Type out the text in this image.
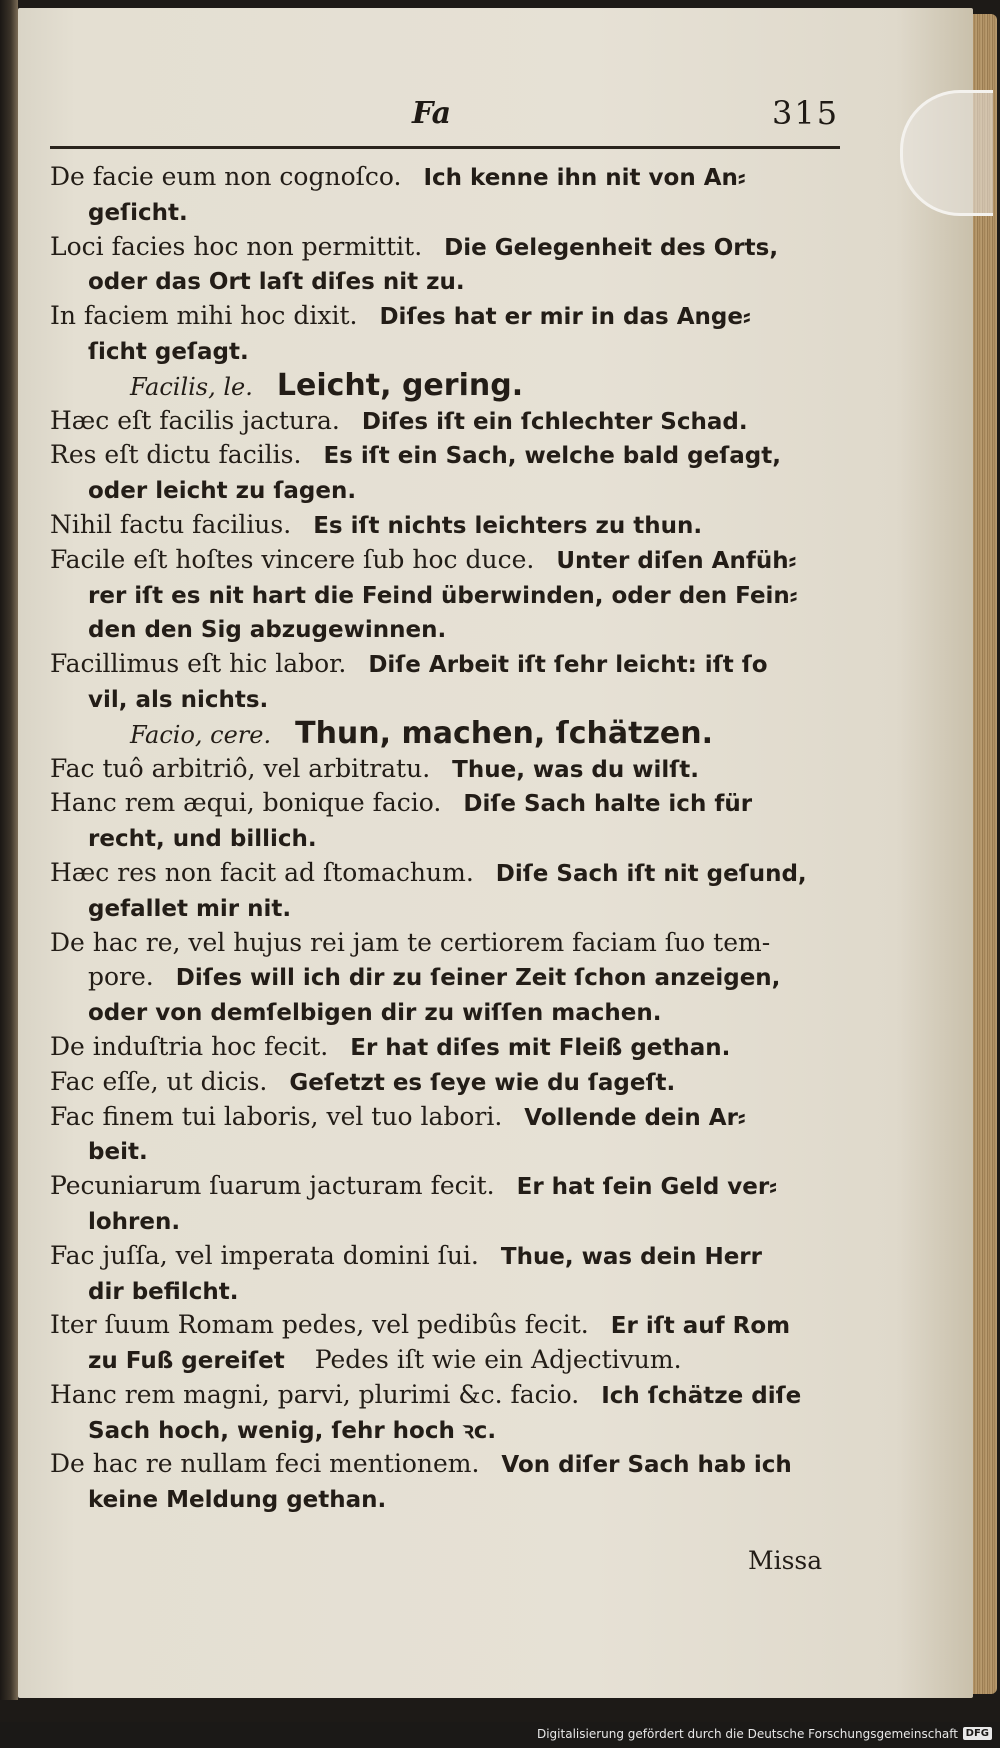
Fa	315
De facie eum non cognoſco. Ich kenne ihn nit von An⸗
geſicht.
Loci facies hoc non permittit. Die Gelegenheit des Orts,
oder das Ort laſt diſes nit zu.
In faciem mihi hoc dixit. Diſes hat er mir in das Ange⸗
ſicht geſagt.
Facilis, le. Leicht, gering.
Hæc eſt facilis jactura. Diſes iſt ein ſchlechter Schad.
Res eſt dictu facilis. Es iſt ein Sach, welche bald geſagt,
oder leicht zu ſagen.
Nihil factu facilius. Es iſt nichts leichters zu thun.
Facile eſt hoſtes vincere ſub hoc duce. Unter diſen Anfüh⸗
rer iſt es nit hart die Feind überwinden, oder den Fein⸗
den den Sig abzugewinnen.
Facillimus eſt hic labor. Diſe Arbeit iſt ſehr leicht: iſt ſo
vil, als nichts.
Facio, cere. Thun, machen, ſchätzen.
Fac tuô arbitriô, vel arbitratu. Thue, was du wilſt.
Hanc rem æqui, bonique facio. Diſe Sach halte ich für
recht, und billich.
Hæc res non facit ad ſtomachum. Diſe Sach iſt nit geſund,
gefallet mir nit.
De hac re, vel hujus rei jam te certiorem faciam ſuo tem-
pore. Diſes will ich dir zu ſeiner Zeit ſchon anzeigen,
oder von demſelbigen dir zu wiſſen machen.
De induſtria hoc fecit. Er hat diſes mit Fleiß gethan.
Fac eſſe, ut dicis. Geſetzt es ſeye wie du ſageſt.
Fac finem tui laboris, vel tuo labori. Vollende dein Ar⸗
beit.
Pecuniarum ſuarum jacturam fecit. Er hat ſein Geld ver⸗
lohren.
Fac juſſa, vel imperata domini ſui. Thue, was dein Herr
dir befilcht.
Iter ſuum Romam pedes, vel pedibûs fecit. Er iſt auf Rom
zu Fuß gereiſet Pedes iſt wie ein Adjectivum.
Hanc rem magni, parvi, plurimi &c. facio. Ich ſchätze diſe
Sach hoch, wenig, ſehr hoch ꝛc.
De hac re nullam feci mentionem. Von diſer Sach hab ich
keine Meldung gethan.
Missa
Digitalisierung gefördert durch die Deutsche Forschungsgemeinschaft DFG
